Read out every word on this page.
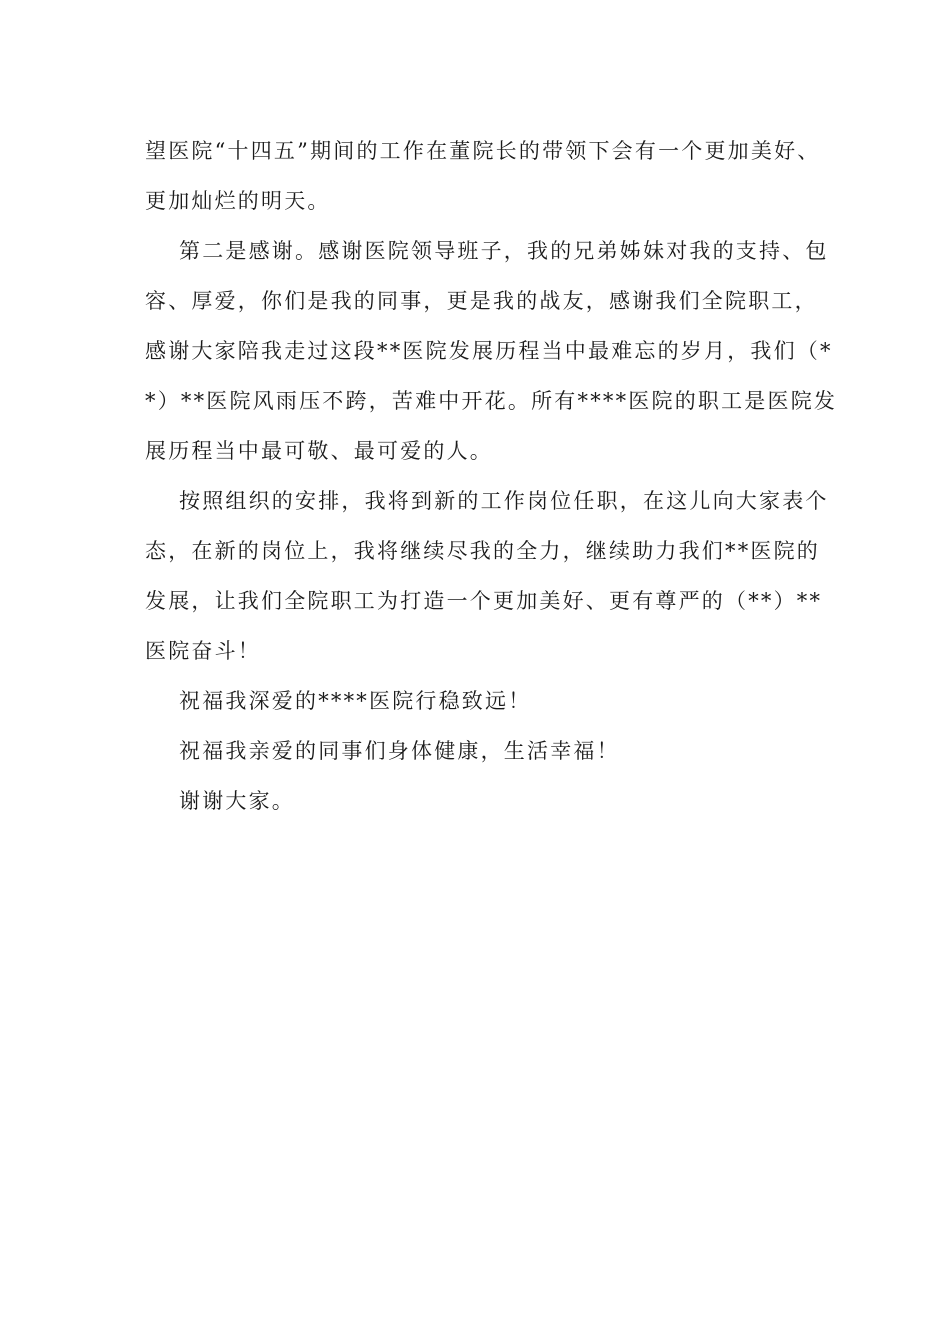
望医院“十四五”期间的工作在董院长的带领下会有一个更加美好、
更加灿烂的明天。
第二是感谢。感谢医院领导班子，我的兄弟姊妹对我的支持、包
容、厚爱，你们是我的同事，更是我的战友，感谢我们全院职工，
感谢大家陪我走过这段**医院发展历程当中最难忘的岁月，我们（*
*）**医院风雨压不跨，苦难中开花。所有****医院的职工是医院发
展历程当中最可敬、最可爱的人。
按照组织的安排，我将到新的工作岗位任职，在这儿向大家表个
态，在新的岗位上，我将继续尽我的全力，继续助力我们**医院的
发展，让我们全院职工为打造一个更加美好、更有尊严的（**）**
医院奋斗！
祝福我深爱的****医院行稳致远！
祝福我亲爱的同事们身体健康，生活幸福！
谢谢大家。
